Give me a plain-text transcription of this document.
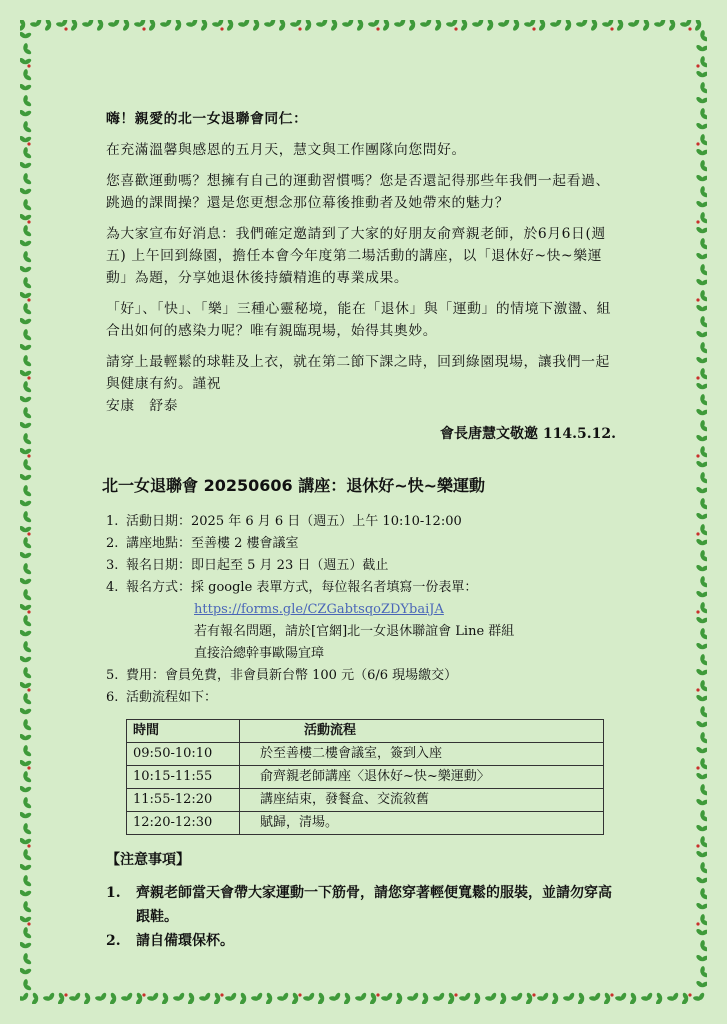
嗨！親愛的北一女退聯會同仁：

在充滿溫馨與感恩的五月天，慧文與工作團隊向您問好。

您喜歡運動嗎？想擁有自己的運動習慣嗎？您是否還記得那些年我們一起看過、跳過的課間操？還是您更想念那位幕後推動者及她帶來的魅力？

為大家宣布好消息：我們確定邀請到了大家的好朋友俞齊親老師，於6月6日(週五) 上午回到綠園，擔任本會今年度第二場活動的講座，以「退休好~快~樂運動」為題，分享她退休後持續精進的專業成果。

「好」、「快」、「樂」三種心靈秘境，能在「退休」與「運動」的情境下激盪、組合出如何的感染力呢？唯有親臨現場，始得其奧妙。

請穿上最輕鬆的球鞋及上衣，就在第二節下課之時，回到綠園現場，讓我們一起與健康有約。謹祝

安康　舒泰

會長唐慧文敬邀 114.5.12.
北一女退聯會 20250606 講座：退休好~快~樂運動
1. 活動日期：2025 年 6 月 6 日（週五）上午 10:10-12:00
2. 講座地點：至善樓 2 樓會議室
3. 報名日期：即日起至 5 月 23 日（週五）截止
4. 報名方式：採 google 表單方式，每位報名者填寫一份表單：
https://forms.gle/CZGabtsqoZDYbaiJA
若有報名問題，請於[官網]北一女退休聯誼會 Line 群組
直接洽總幹事歐陽宜璋
5. 費用：會員免費，非會員新台幣 100 元（6/6 現場繳交）
6. 活動流程如下：
時間	活動流程
09:50-10:10	於至善樓二樓會議室，簽到入座
10:15-11:55	俞齊親老師講座〈退休好~快~樂運動〉
11:55-12:20	講座結束，發餐盒、交流敘舊
12:20-12:30	賦歸，清場。
【注意事項】
1.	齊親老師當天會帶大家運動一下筋骨，請您穿著輕便寬鬆的服裝，並請勿穿高跟鞋。
2.	請自備環保杯。
